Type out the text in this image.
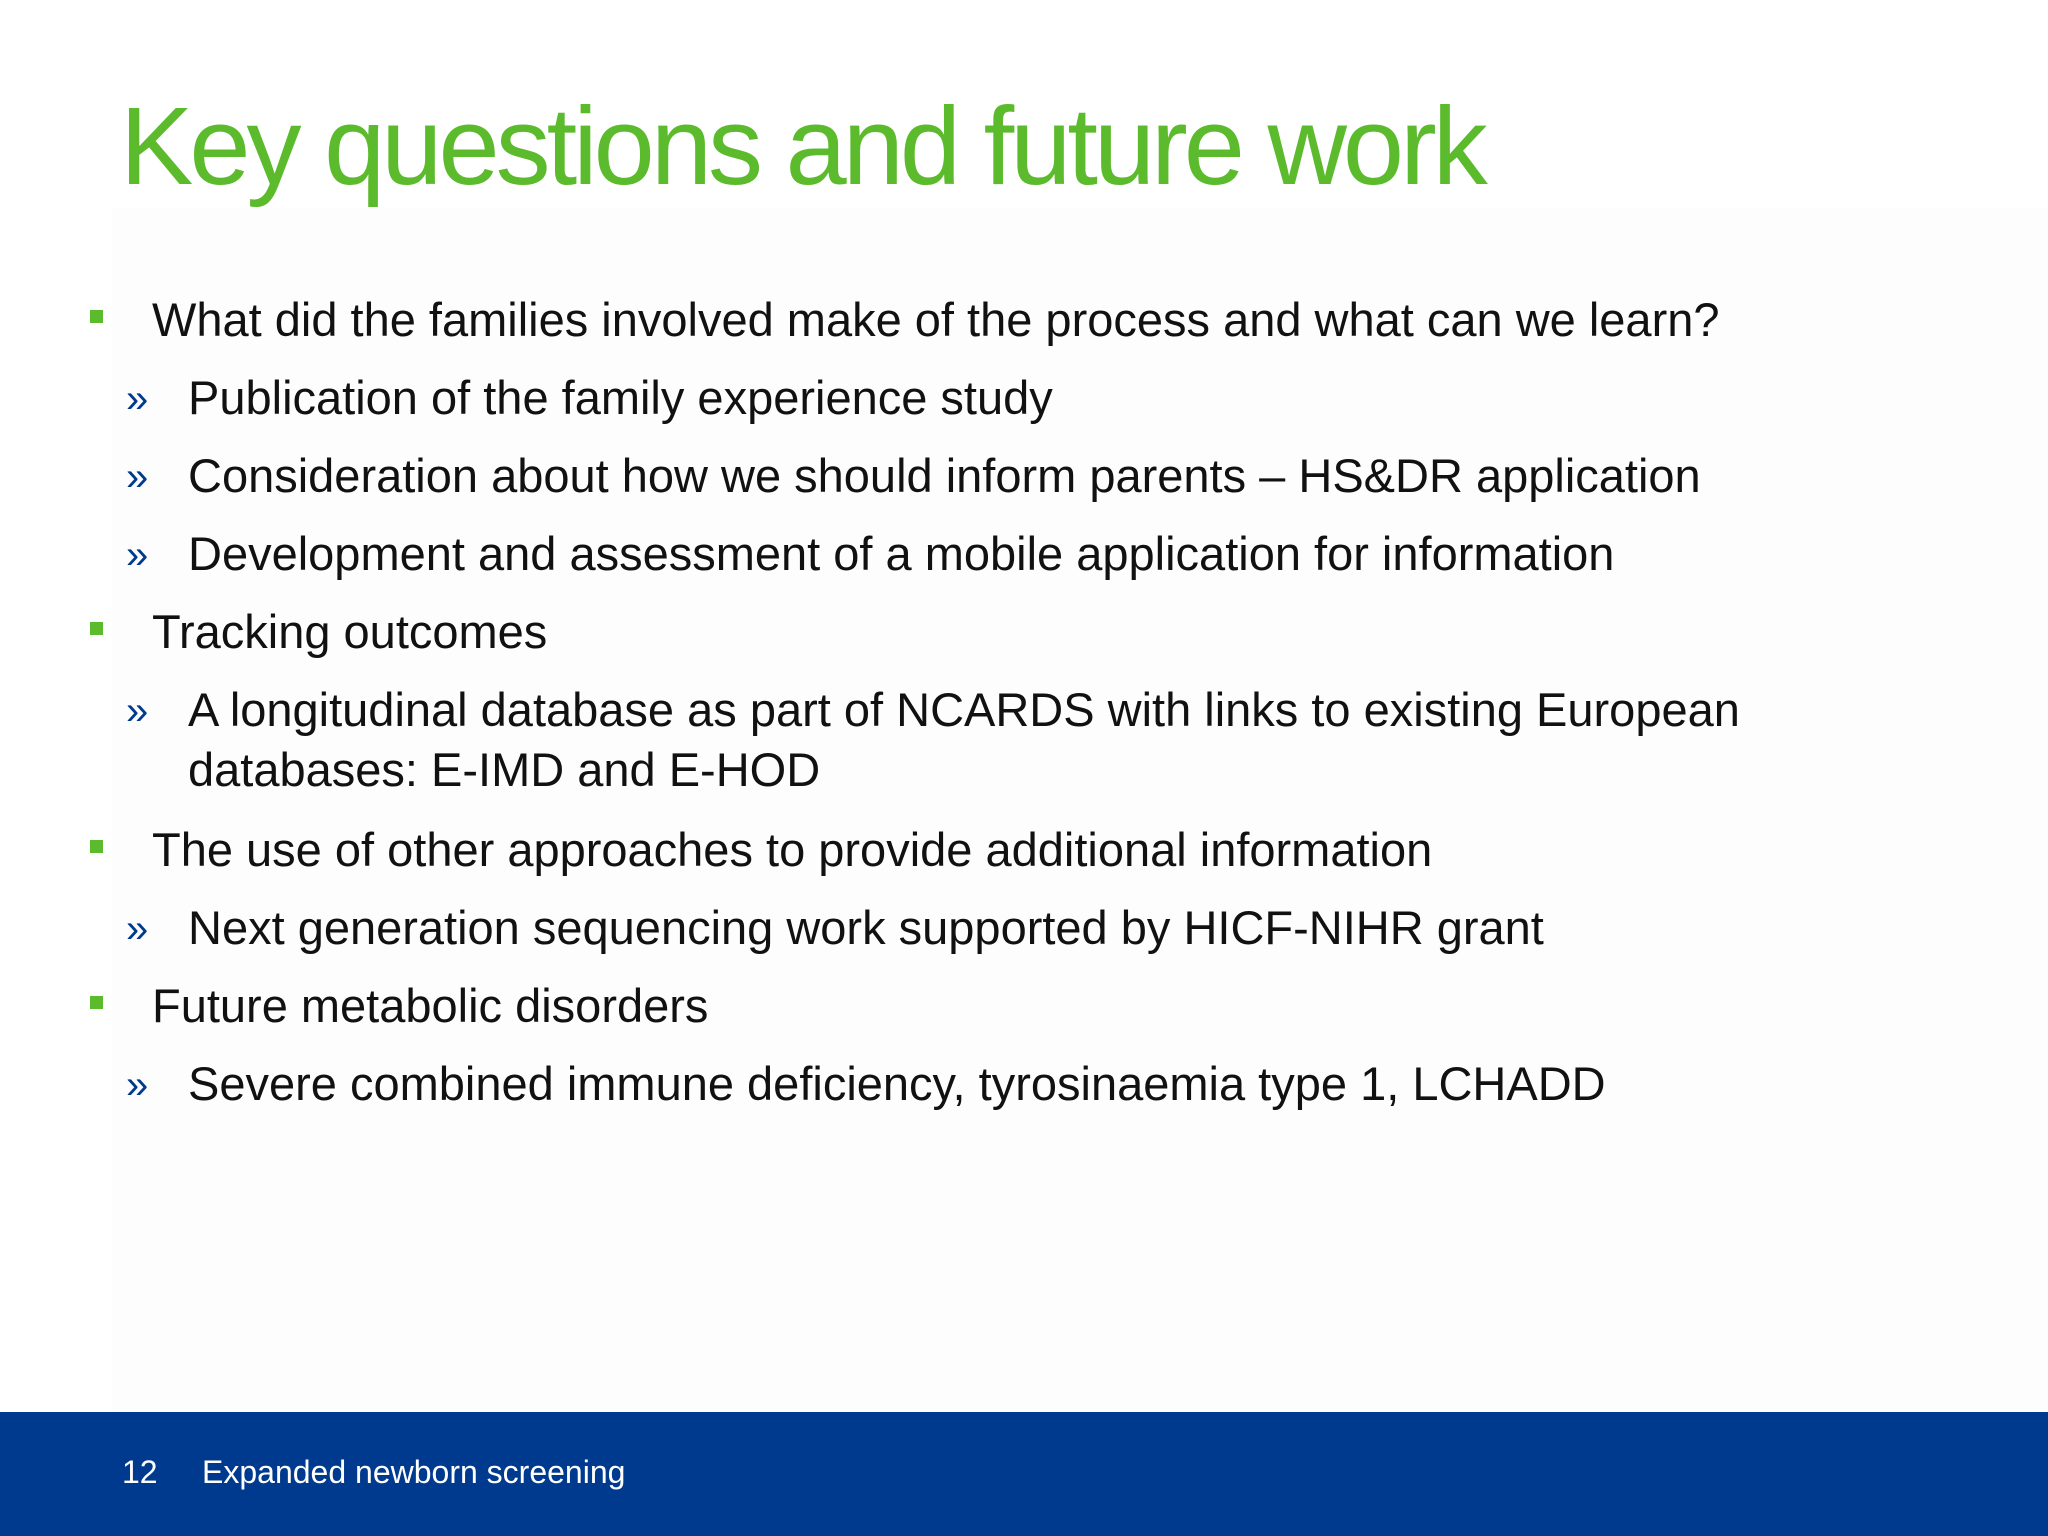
Key questions and future work
What did the families involved make of the process and what can we learn?
» Publication of the family experience study
» Consideration about how we should inform parents – HS&DR application
» Development and assessment of a mobile application for information
Tracking outcomes
» A longitudinal database as part of NCARDS with links to existing European
databases: E-IMD and E-HOD
The use of other approaches to provide additional information
» Next generation sequencing work supported by HICF-NIHR grant
Future metabolic disorders
» Severe combined immune deficiency, tyrosinaemia type 1, LCHADD
12 Expanded newborn screening
